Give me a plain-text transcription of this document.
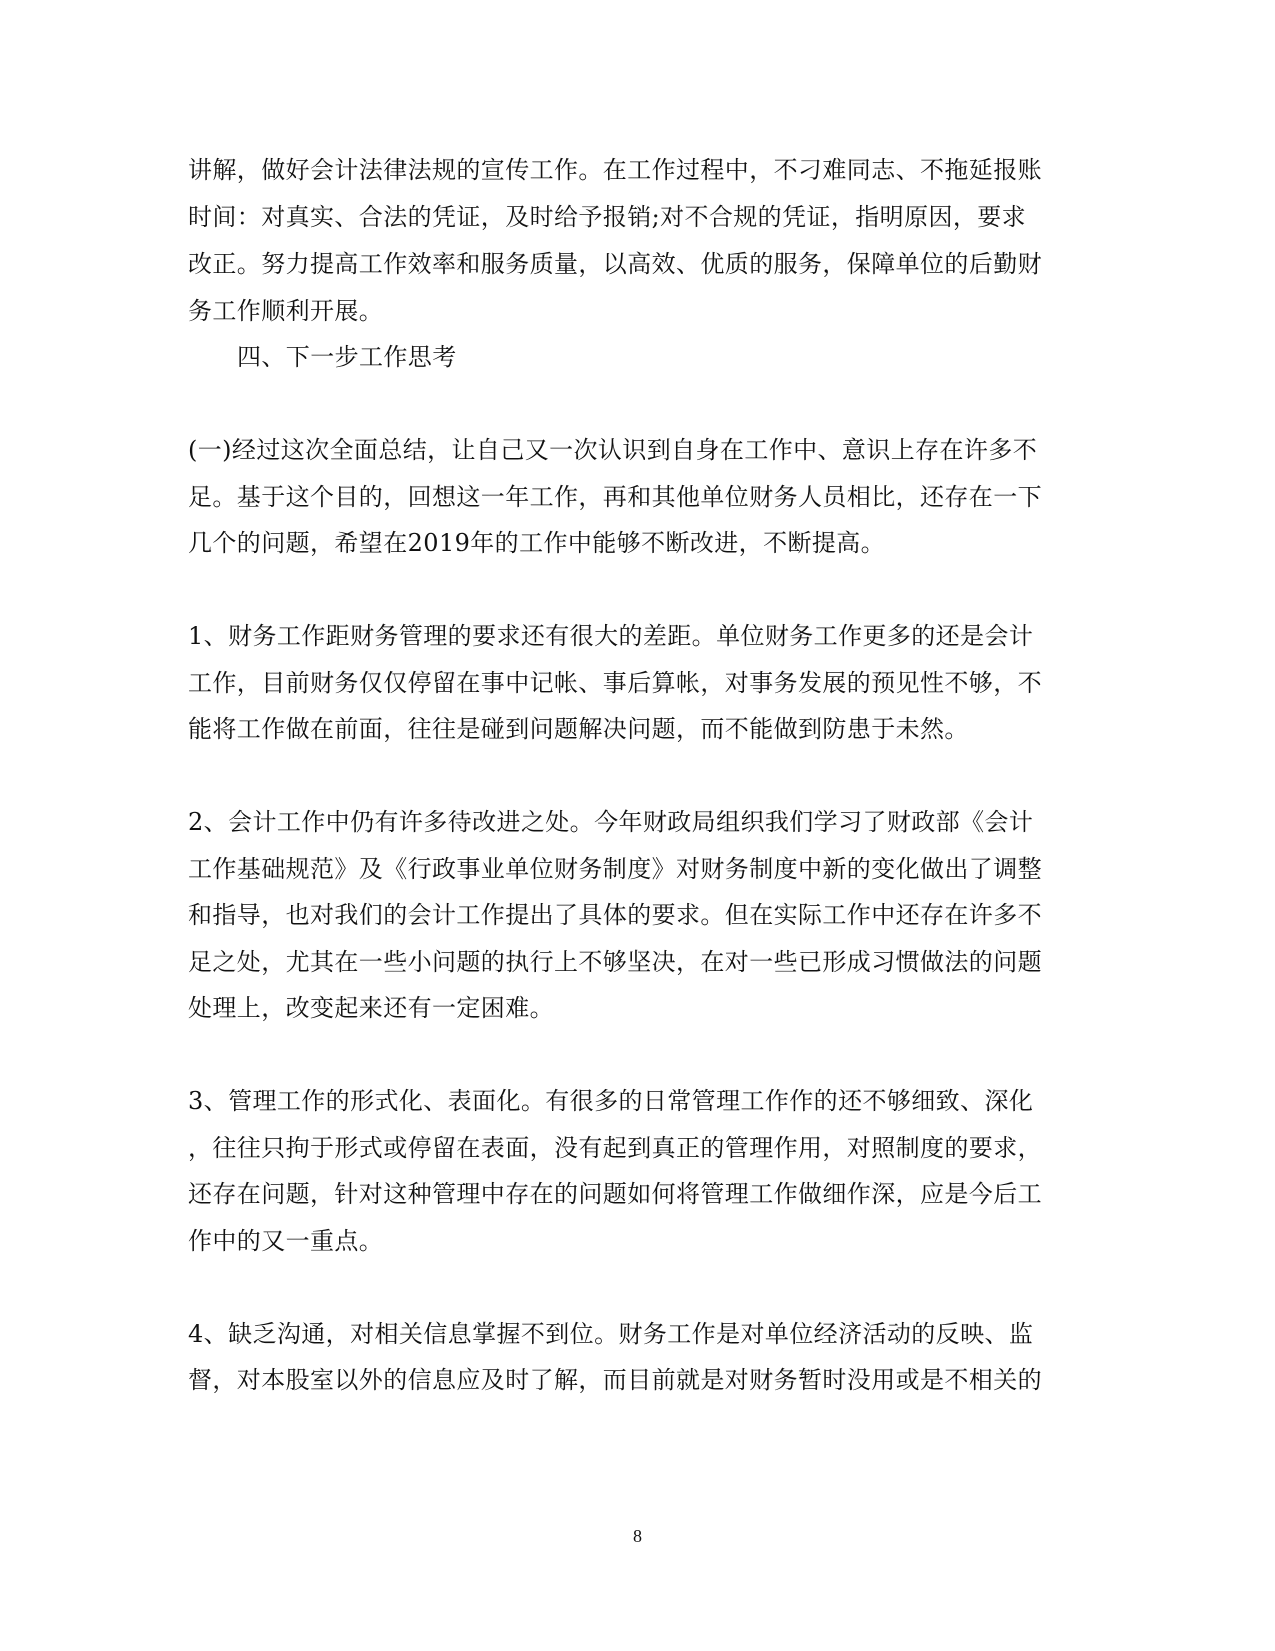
讲解，做好会计法律法规的宣传工作。在工作过程中，不刁难同志、不拖延报账
时间：对真实、合法的凭证，及时给予报销;对不合规的凭证，指明原因，要求
改正。努力提高工作效率和服务质量，以高效、优质的服务，保障单位的后勤财
务工作顺利开展。
四、下一步工作思考
(一)经过这次全面总结，让自己又一次认识到自身在工作中、意识上存在许多不
足。基于这个目的，回想这一年工作，再和其他单位财务人员相比，还存在一下
几个的问题，希望在2019年的工作中能够不断改进，不断提高。
1、财务工作距财务管理的要求还有很大的差距。单位财务工作更多的还是会计
工作，目前财务仅仅停留在事中记帐、事后算帐，对事务发展的预见性不够，不
能将工作做在前面，往往是碰到问题解决问题，而不能做到防患于未然。
2、会计工作中仍有许多待改进之处。今年财政局组织我们学习了财政部《会计
工作基础规范》及《行政事业单位财务制度》对财务制度中新的变化做出了调整
和指导，也对我们的会计工作提出了具体的要求。但在实际工作中还存在许多不
足之处，尤其在一些小问题的执行上不够坚决，在对一些已形成习惯做法的问题
处理上，改变起来还有一定困难。
3、管理工作的形式化、表面化。有很多的日常管理工作作的还不够细致、深化
，往往只拘于形式或停留在表面，没有起到真正的管理作用，对照制度的要求，
还存在问题，针对这种管理中存在的问题如何将管理工作做细作深，应是今后工
作中的又一重点。
4、缺乏沟通，对相关信息掌握不到位。财务工作是对单位经济活动的反映、监
督，对本股室以外的信息应及时了解，而目前就是对财务暂时没用或是不相关的
8
